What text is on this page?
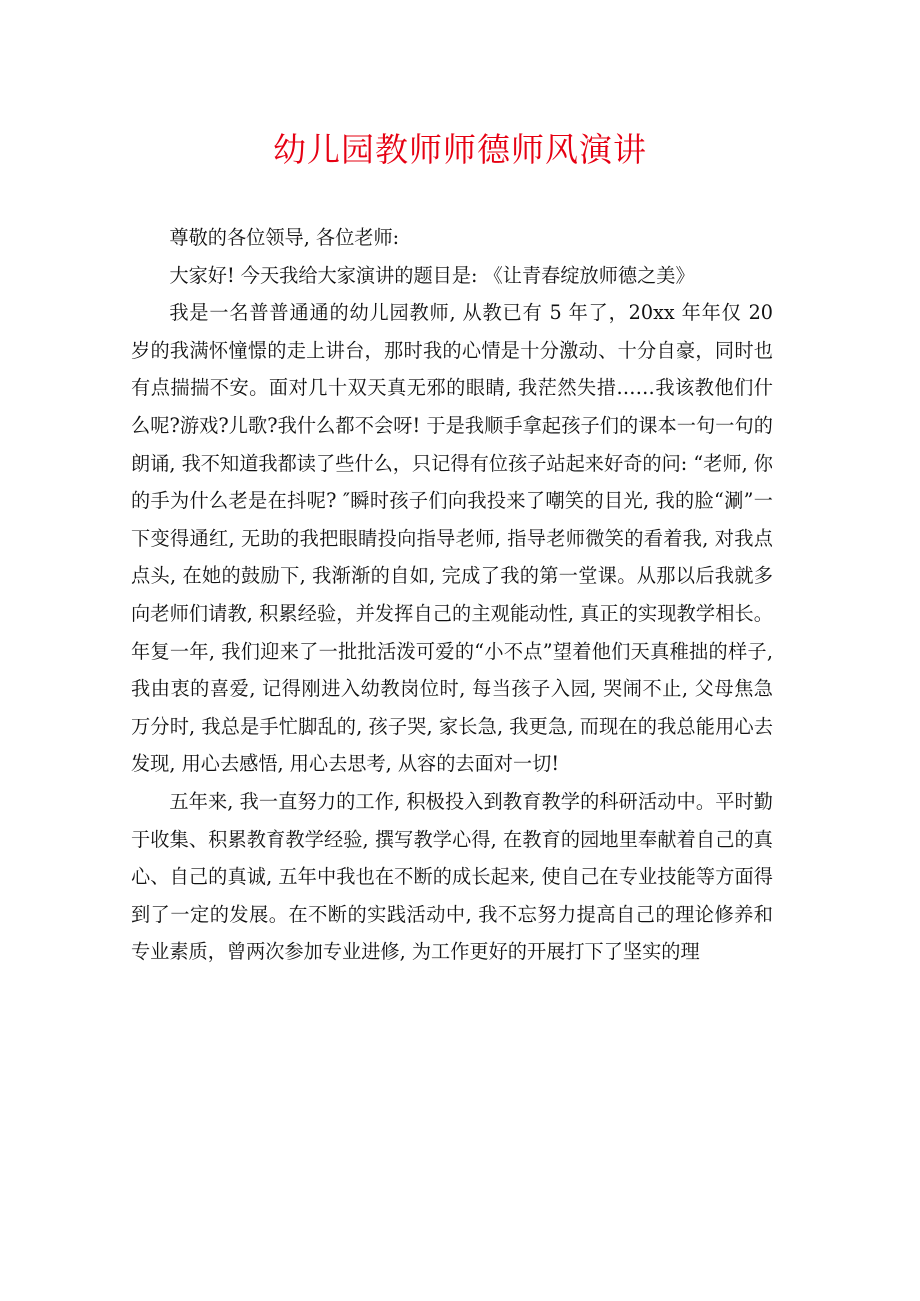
幼儿园教师师德师风演讲

尊敬的各位领导, 各位老师:

大家好! 今天我给大家演讲的题目是: 《让青春绽放师德之美》

我是一名普普通通的幼儿园教师, 从教已有 5 年了，20xx 年年仅 20 岁的我满怀憧憬的走上讲台，那时我的心情是十分激动、十分自豪，同时也有点揣揣不安。面对几十双天真无邪的眼睛, 我茫然失措……我该教他们什么呢?游戏?儿歌?我什么都不会呀! 于是我顺手拿起孩子们的课本一句一句的朗诵, 我不知道我都读了些什么，只记得有位孩子站起来好奇的问: “老师, 你的手为什么老是在抖呢? ″瞬时孩子们向我投来了嘲笑的目光, 我的脸“涮”一下变得通红, 无助的我把眼睛投向指导老师, 指导老师微笑的看着我, 对我点点头, 在她的鼓励下, 我渐渐的自如, 完成了我的第一堂课。从那以后我就多向老师们请教, 积累经验，并发挥自己的主观能动性, 真正的实现教学相长。年复一年, 我们迎来了一批批活泼可爱的“小不点”望着他们天真稚拙的样子, 我由衷的喜爱, 记得刚进入幼教岗位时, 每当孩子入园, 哭闹不止, 父母焦急万分时, 我总是手忙脚乱的, 孩子哭, 家长急, 我更急, 而现在的我总能用心去发现, 用心去感悟, 用心去思考, 从容的去面对一切!

五年来, 我一直努力的工作, 积极投入到教育教学的科研活动中。平时勤于收集、积累教育教学经验, 撰写教学心得, 在教育的园地里奉献着自己的真心、自己的真诚, 五年中我也在不断的成长起来, 使自己在专业技能等方面得到了一定的发展。在不断的实践活动中, 我不忘努力提高自己的理论修养和专业素质，曾两次参加专业进修, 为工作更好的开展打下了坚实的理
